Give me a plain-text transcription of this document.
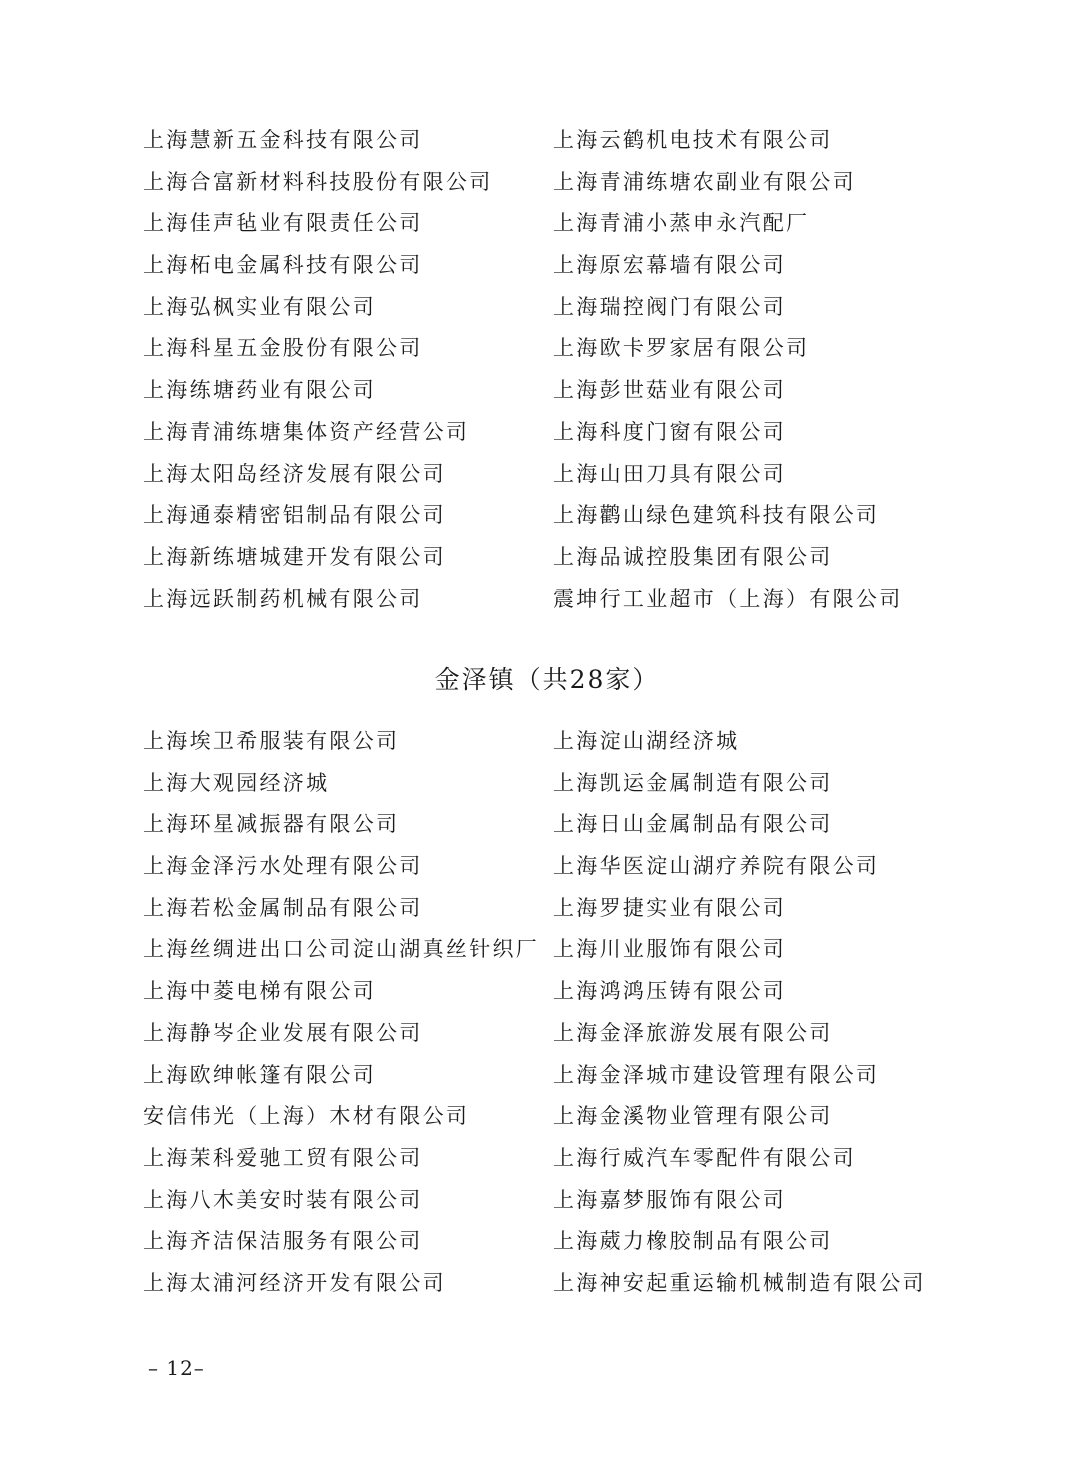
上海慧新五金科技有限公司	上海云鹤机电技术有限公司
上海合富新材料科技股份有限公司	上海青浦练塘农副业有限公司
上海佳声毡业有限责任公司	上海青浦小蒸申永汽配厂
上海柘电金属科技有限公司	上海原宏幕墙有限公司
上海弘枫实业有限公司	上海瑞控阀门有限公司
上海科星五金股份有限公司	上海欧卡罗家居有限公司
上海练塘药业有限公司	上海彭世菇业有限公司
上海青浦练塘集体资产经营公司	上海科度门窗有限公司
上海太阳岛经济发展有限公司	上海山田刀具有限公司
上海通泰精密铝制品有限公司	上海鹳山绿色建筑科技有限公司
上海新练塘城建开发有限公司	上海品诚控股集团有限公司
上海远跃制药机械有限公司	震坤行工业超市（上海）有限公司
金泽镇（共28家）
上海埃卫希服装有限公司	上海淀山湖经济城
上海大观园经济城	上海凯运金属制造有限公司
上海环星减振器有限公司	上海日山金属制品有限公司
上海金泽污水处理有限公司	上海华医淀山湖疗养院有限公司
上海若松金属制品有限公司	上海罗捷实业有限公司
上海丝绸进出口公司淀山湖真丝针织厂 上海川业服饰有限公司
上海中菱电梯有限公司	上海鸿鸿压铸有限公司
上海静岑企业发展有限公司	上海金泽旅游发展有限公司
上海欧绅帐篷有限公司	上海金泽城市建设管理有限公司
安信伟光（上海）木材有限公司	上海金溪物业管理有限公司
上海茉科爱驰工贸有限公司	上海行威汽车零配件有限公司
上海八木美安时装有限公司	上海嘉梦服饰有限公司
上海齐洁保洁服务有限公司	上海葳力橡胶制品有限公司
上海太浦河经济开发有限公司	上海神安起重运输机械制造有限公司
– 12–
